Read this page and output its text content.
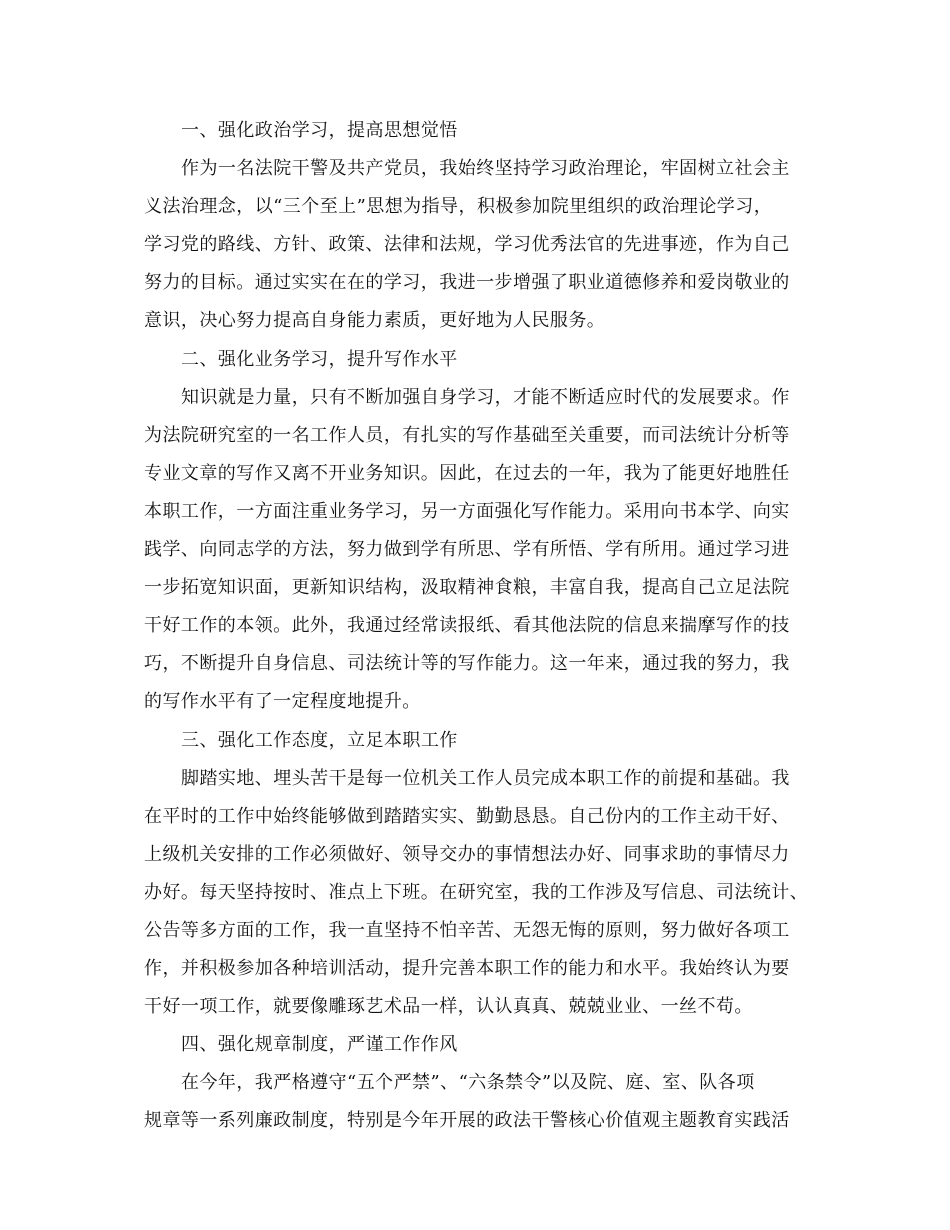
一、强化政治学习，提高思想觉悟
作为一名法院干警及共产党员，我始终坚持学习政治理论，牢固树立社会主
义法治理念，以“三个至上”思想为指导，积极参加院里组织的政治理论学习，
学习党的路线、方针、政策、法律和法规，学习优秀法官的先进事迹，作为自己
努力的目标。通过实实在在的学习，我进一步增强了职业道德修养和爱岗敬业的
意识，决心努力提高自身能力素质，更好地为人民服务。
二、强化业务学习，提升写作水平
知识就是力量，只有不断加强自身学习，才能不断适应时代的发展要求。作
为法院研究室的一名工作人员，有扎实的写作基础至关重要，而司法统计分析等
专业文章的写作又离不开业务知识。因此，在过去的一年，我为了能更好地胜任
本职工作，一方面注重业务学习，另一方面强化写作能力。采用向书本学、向实
践学、向同志学的方法，努力做到学有所思、学有所悟、学有所用。通过学习进
一步拓宽知识面，更新知识结构，汲取精神食粮，丰富自我，提高自己立足法院
干好工作的本领。此外，我通过经常读报纸、看其他法院的信息来揣摩写作的技
巧，不断提升自身信息、司法统计等的写作能力。这一年来，通过我的努力，我
的写作水平有了一定程度地提升。
三、强化工作态度，立足本职工作
脚踏实地、埋头苦干是每一位机关工作人员完成本职工作的前提和基础。我
在平时的工作中始终能够做到踏踏实实、勤勤恳恳。自己份内的工作主动干好、
上级机关安排的工作必须做好、领导交办的事情想法办好、同事求助的事情尽力
办好。每天坚持按时、准点上下班。在研究室，我的工作涉及写信息、司法统计、
公告等多方面的工作，我一直坚持不怕辛苦、无怨无悔的原则，努力做好各项工
作，并积极参加各种培训活动，提升完善本职工作的能力和水平。我始终认为要
干好一项工作，就要像雕琢艺术品一样，认认真真、兢兢业业、一丝不苟。
四、强化规章制度，严谨工作作风
在今年，我严格遵守“五个严禁”、“六条禁令”以及院、庭、室、队各项
规章等一系列廉政制度，特别是今年开展的政法干警核心价值观主题教育实践活
